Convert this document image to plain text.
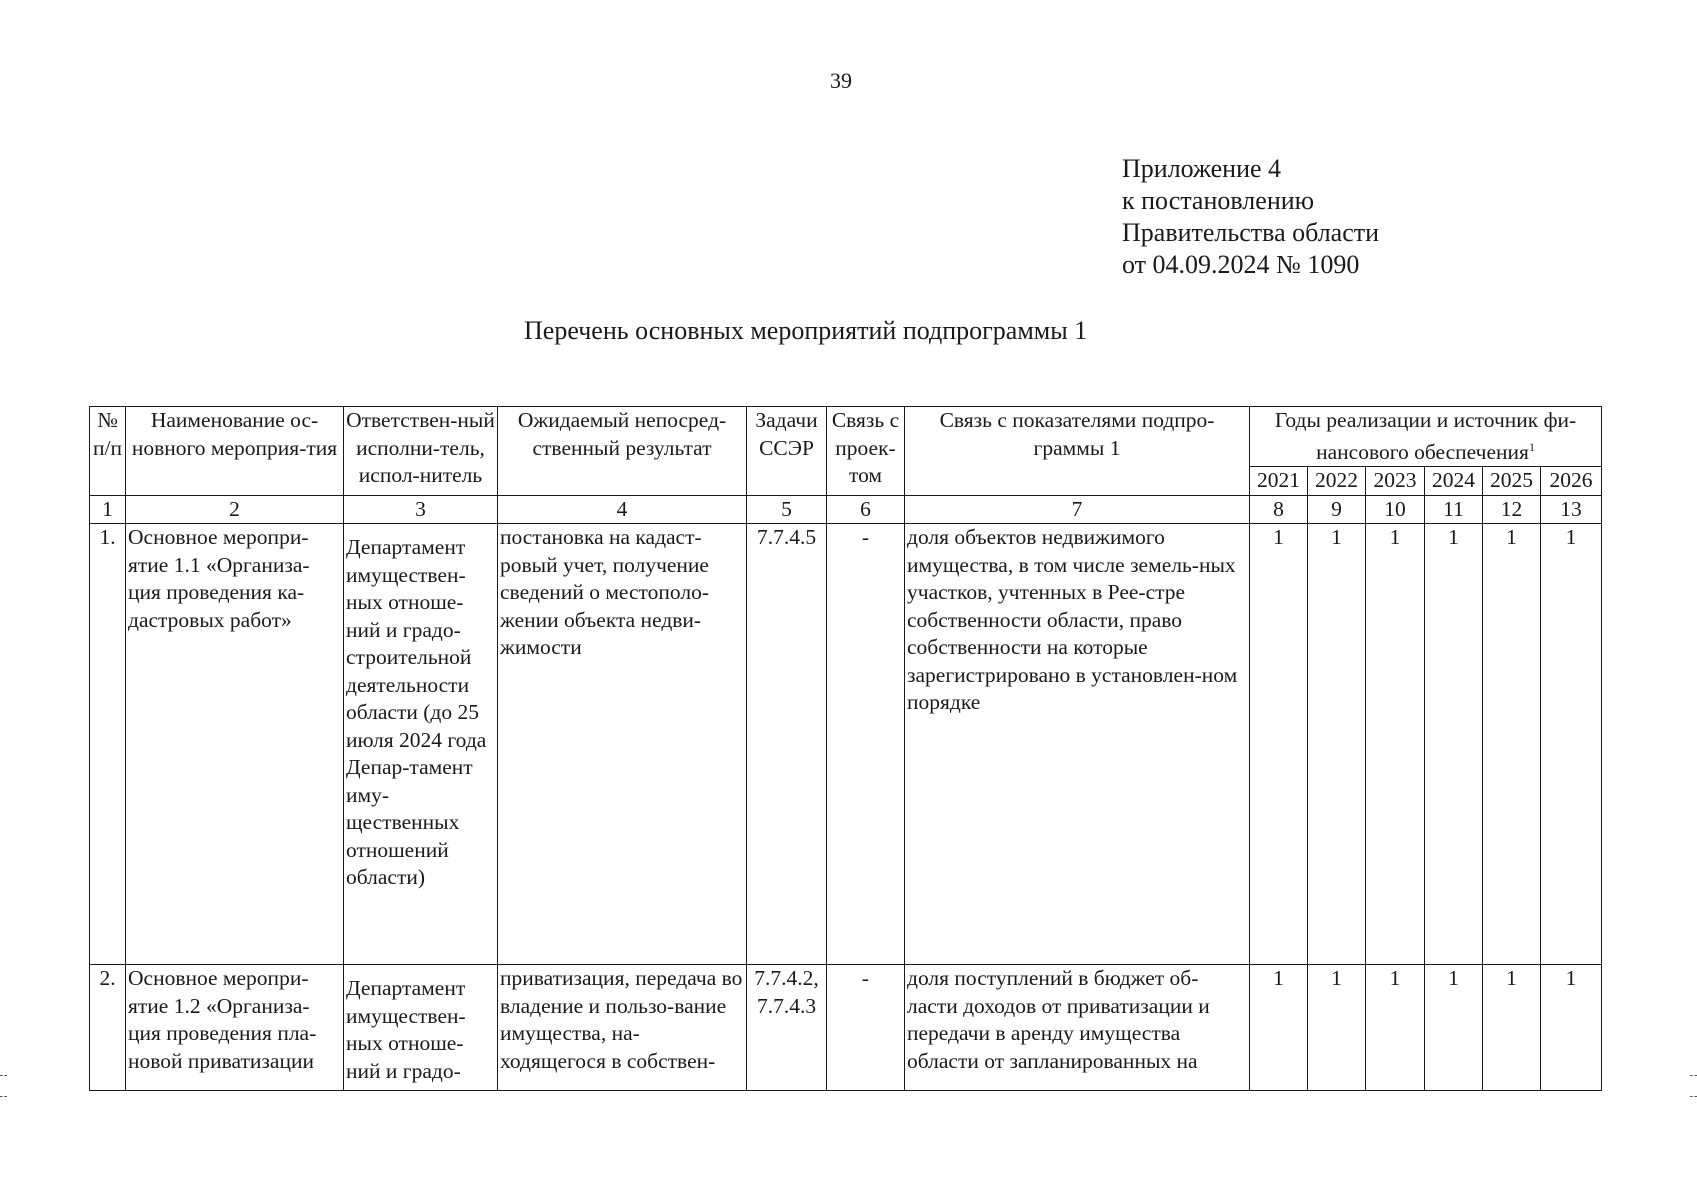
39
Приложение 4
к постановлению
Правительства области
от 04.09.2024 № 1090
Перечень основных мероприятий подпрограммы 1
№ п/п	Наименование ос-новного мероприя-тия	Ответствен-ный исполни-тель, испол-нитель	Ожидаемый непосред-ственный результат	Задачи ССЭР	Связь с проек-том	Связь с показателями подпро-граммы 1	Годы реализации и источник фи-нансового обеспечения$^1$
							2021	2022	2023	2024	2025	2026
1	2	3	4	5	6	7	8	9	10	11	12	13
1.	Основное меропри-ятие 1.1 «Организа-ция проведения ка-дастровых работ»	Департамент имуществен-ных отноше-ний и градо-строительной деятельности области (до 25 июля 2024 года Депар-тамент иму-щественных отношений области)	постановка на кадаст-ровый учет, получение сведений о местополо-жении объекта недви-жимости	7.7.4.5	-	доля объектов недвижимого имущества, в том числе земель-ных участков, учтенных в Рее-стре собственности области, право собственности на которые зарегистрировано в установлен-ном порядке	1	1	1	1	1	1
2.	Основное меропри-ятие 1.2 «Организа-ция проведения пла-новой приватизации	Департамент имуществен-ных отноше-ний и градо-	приватизация, передача во владение и пользо-вание имущества, на-ходящегося в собствен-	7.7.4.2, 7.7.4.3	-	доля поступлений в бюджет об-ласти доходов от приватизации и передачи в аренду имущества области от запланированных на	1	1	1	1	1	1
